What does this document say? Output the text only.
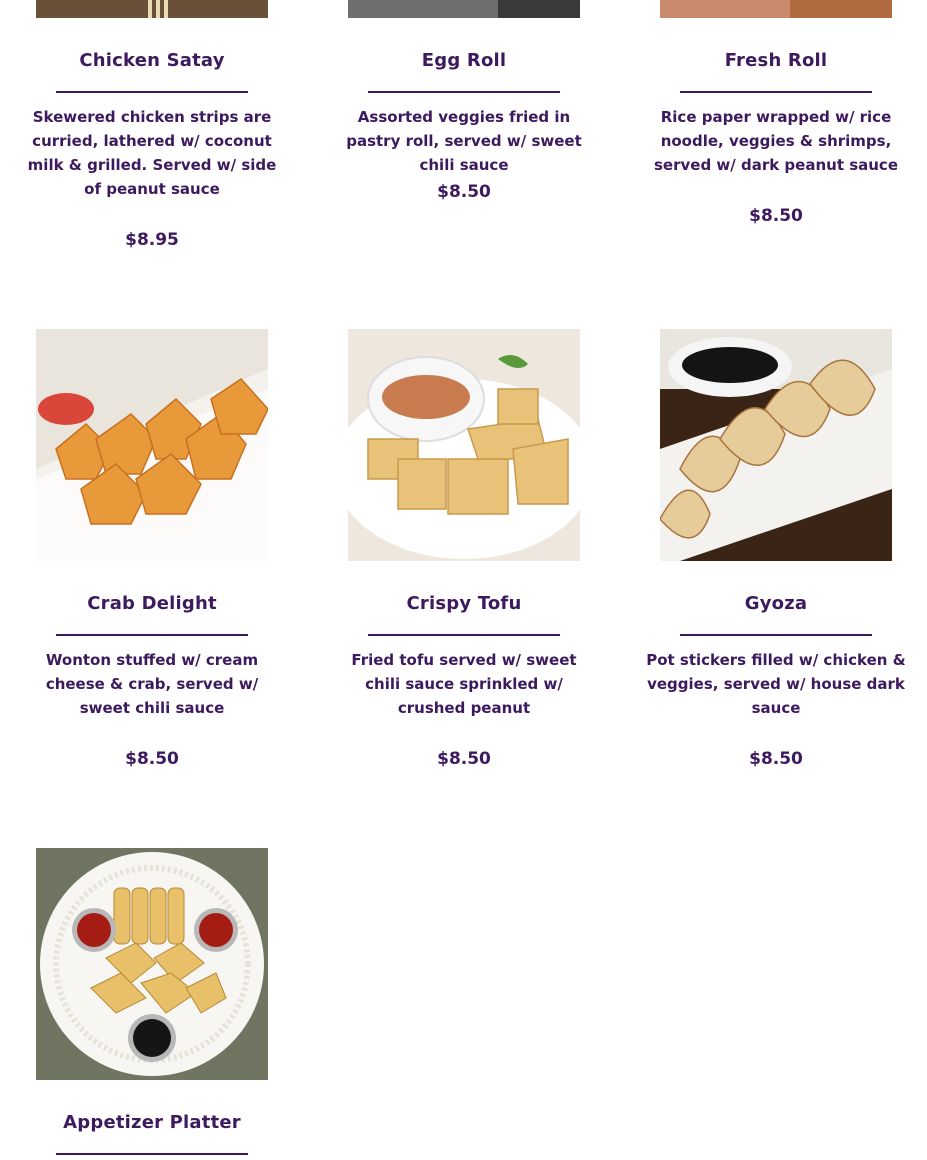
Chicken Satay

Skewered chicken strips are curried, lathered w/ coconut milk & grilled. Served w/ side of peanut sauce

$8.95

Egg Roll

Assorted veggies fried in pastry roll, served w/ sweet chili sauce

$8.50

Fresh Roll

Rice paper wrapped w/ rice noodle, veggies & shrimps, served w/ dark peanut sauce

$8.50

Crab Delight

Wonton stuffed w/ cream cheese & crab, served w/ sweet chili sauce

$8.50

Crispy Tofu

Fried tofu served w/ sweet chili sauce sprinkled w/ crushed peanut

$8.50

Gyoza

Pot stickers filled w/ chicken & veggies, served w/ house dark sauce

$8.50

Appetizer Platter
